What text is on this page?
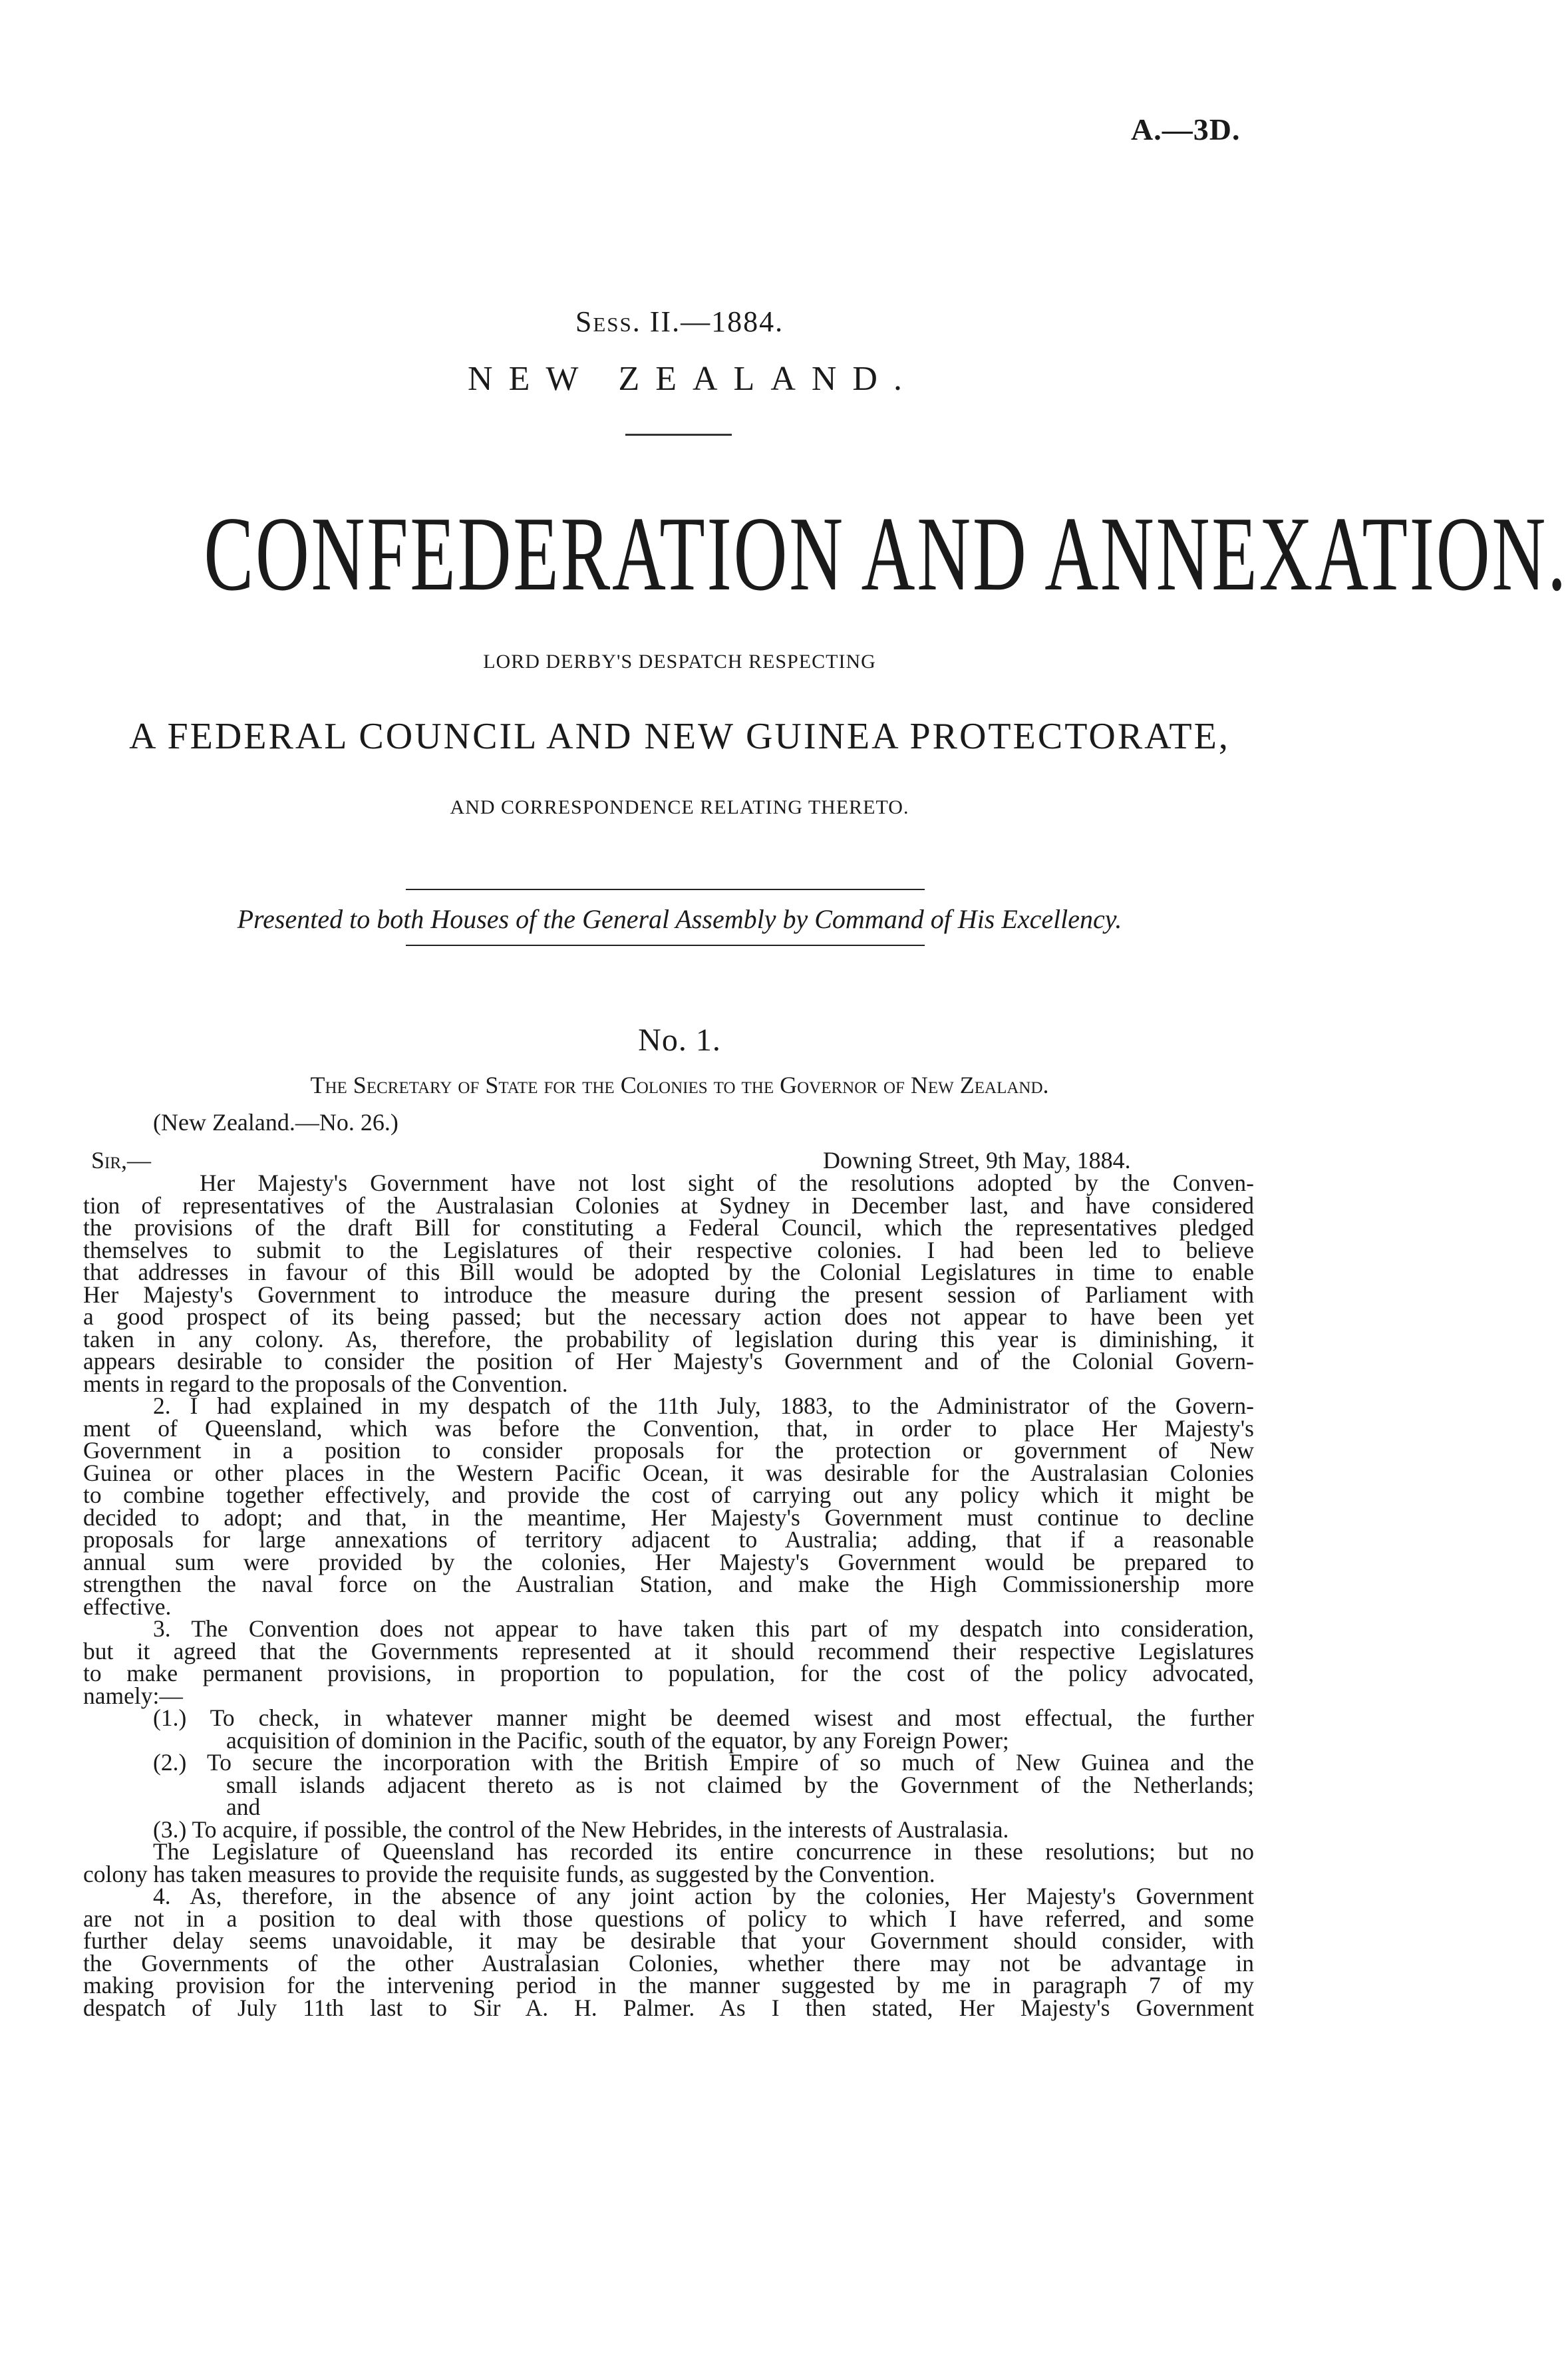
A.—3D.
Sess. II.—1884.
NEW ZEALAND.
CONFEDERATION AND ANNEXATION.
LORD DERBY'S DESPATCH RESPECTING
A FEDERAL COUNCIL AND NEW GUINEA PROTECTORATE,
AND CORRESPONDENCE RELATING THERETO.
Presented to both Houses of the General Assembly by Command of His Excellency.
No. 1.
The Secretary of State for the Colonies to the Governor of New Zealand.
(New Zealand.—No. 26.)
Sir,—	Downing Street, 9th May, 1884.

Her Majesty's Government have not lost sight of the resolutions adopted by the Conven-

tion of representatives of the Australasian Colonies at Sydney in December last, and have considered

the provisions of the draft Bill for constituting a Federal Council, which the representatives pledged

themselves to submit to the Legislatures of their respective colonies. I had been led to believe

that addresses in favour of this Bill would be adopted by the Colonial Legislatures in time to enable

Her Majesty's Government to introduce the measure during the present session of Parliament with

a good prospect of its being passed; but the necessary action does not appear to have been yet

taken in any colony. As, therefore, the probability of legislation during this year is diminishing, it

appears desirable to consider the position of Her Majesty's Government and of the Colonial Govern-

ments in regard to the proposals of the Convention.

2. I had explained in my despatch of the 11th July, 1883, to the Administrator of the Govern-

ment of Queensland, which was before the Convention, that, in order to place Her Majesty's

Government in a position to consider proposals for the protection or government of New

Guinea or other places in the Western Pacific Ocean, it was desirable for the Australasian Colonies

to combine together effectively, and provide the cost of carrying out any policy which it might be

decided to adopt; and that, in the meantime, Her Majesty's Government must continue to decline

proposals for large annexations of territory adjacent to Australia; adding, that if a reasonable

annual sum were provided by the colonies, Her Majesty's Government would be prepared to

strengthen the naval force on the Australian Station, and make the High Commissionership more

effective.

3. The Convention does not appear to have taken this part of my despatch into consideration,

but it agreed that the Governments represented at it should recommend their respective Legislatures

to make permanent provisions, in proportion to population, for the cost of the policy advocated,

namely:—

(1.) To check, in whatever manner might be deemed wisest and most effectual, the further

acquisition of dominion in the Pacific, south of the equator, by any Foreign Power;

(2.) To secure the incorporation with the British Empire of so much of New Guinea and the

small islands adjacent thereto as is not claimed by the Government of the Netherlands;

and

(3.) To acquire, if possible, the control of the New Hebrides, in the interests of Australasia.

The Legislature of Queensland has recorded its entire concurrence in these resolutions; but no

colony has taken measures to provide the requisite funds, as suggested by the Convention.

4. As, therefore, in the absence of any joint action by the colonies, Her Majesty's Government

are not in a position to deal with those questions of policy to which I have referred, and some

further delay seems unavoidable, it may be desirable that your Government should consider, with

the Governments of the other Australasian Colonies, whether there may not be advantage in

making provision for the intervening period in the manner suggested by me in paragraph 7 of my

despatch of July 11th last to Sir A. H. Palmer. As I then stated, Her Majesty's Government
